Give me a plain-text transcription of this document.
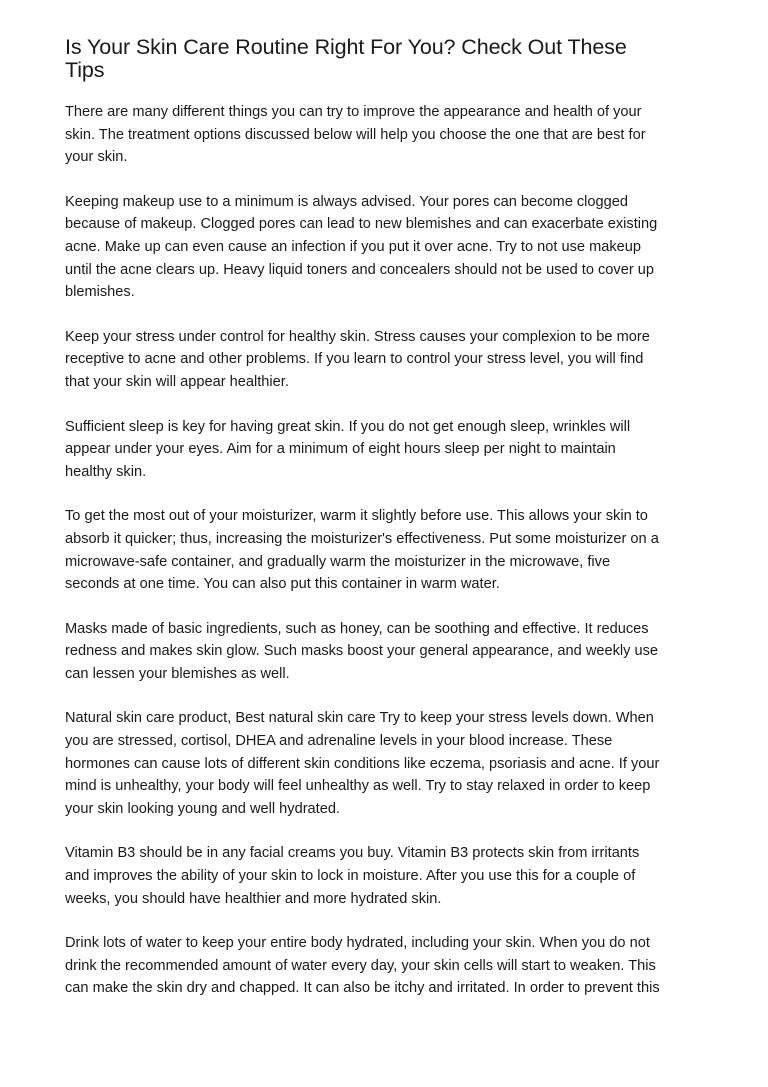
Is Your Skin Care Routine Right For You? Check Out These
Tips

There are many different things you can try to improve the appearance and health of your
skin. The treatment options discussed below will help you choose the one that are best for
your skin.

Keeping makeup use to a minimum is always advised. Your pores can become clogged
because of makeup. Clogged pores can lead to new blemishes and can exacerbate existing
acne. Make up can even cause an infection if you put it over acne. Try to not use makeup
until the acne clears up. Heavy liquid toners and concealers should not be used to cover up
blemishes.

Keep your stress under control for healthy skin. Stress causes your complexion to be more
receptive to acne and other problems. If you learn to control your stress level, you will find
that your skin will appear healthier.

Sufficient sleep is key for having great skin. If you do not get enough sleep, wrinkles will
appear under your eyes. Aim for a minimum of eight hours sleep per night to maintain
healthy skin.

To get the most out of your moisturizer, warm it slightly before use. This allows your skin to
absorb it quicker; thus, increasing the moisturizer's effectiveness. Put some moisturizer on a
microwave-safe container, and gradually warm the moisturizer in the microwave, five
seconds at one time. You can also put this container in warm water.

Masks made of basic ingredients, such as honey, can be soothing and effective. It reduces
redness and makes skin glow. Such masks boost your general appearance, and weekly use
can lessen your blemishes as well.

Natural skin care product, Best natural skin care Try to keep your stress levels down. When
you are stressed, cortisol, DHEA and adrenaline levels in your blood increase. These
hormones can cause lots of different skin conditions like eczema, psoriasis and acne. If your
mind is unhealthy, your body will feel unhealthy as well. Try to stay relaxed in order to keep
your skin looking young and well hydrated.

Vitamin B3 should be in any facial creams you buy. Vitamin B3 protects skin from irritants
and improves the ability of your skin to lock in moisture. After you use this for a couple of
weeks, you should have healthier and more hydrated skin.

Drink lots of water to keep your entire body hydrated, including your skin. When you do not
drink the recommended amount of water every day, your skin cells will start to weaken. This
can make the skin dry and chapped. It can also be itchy and irritated. In order to prevent this
